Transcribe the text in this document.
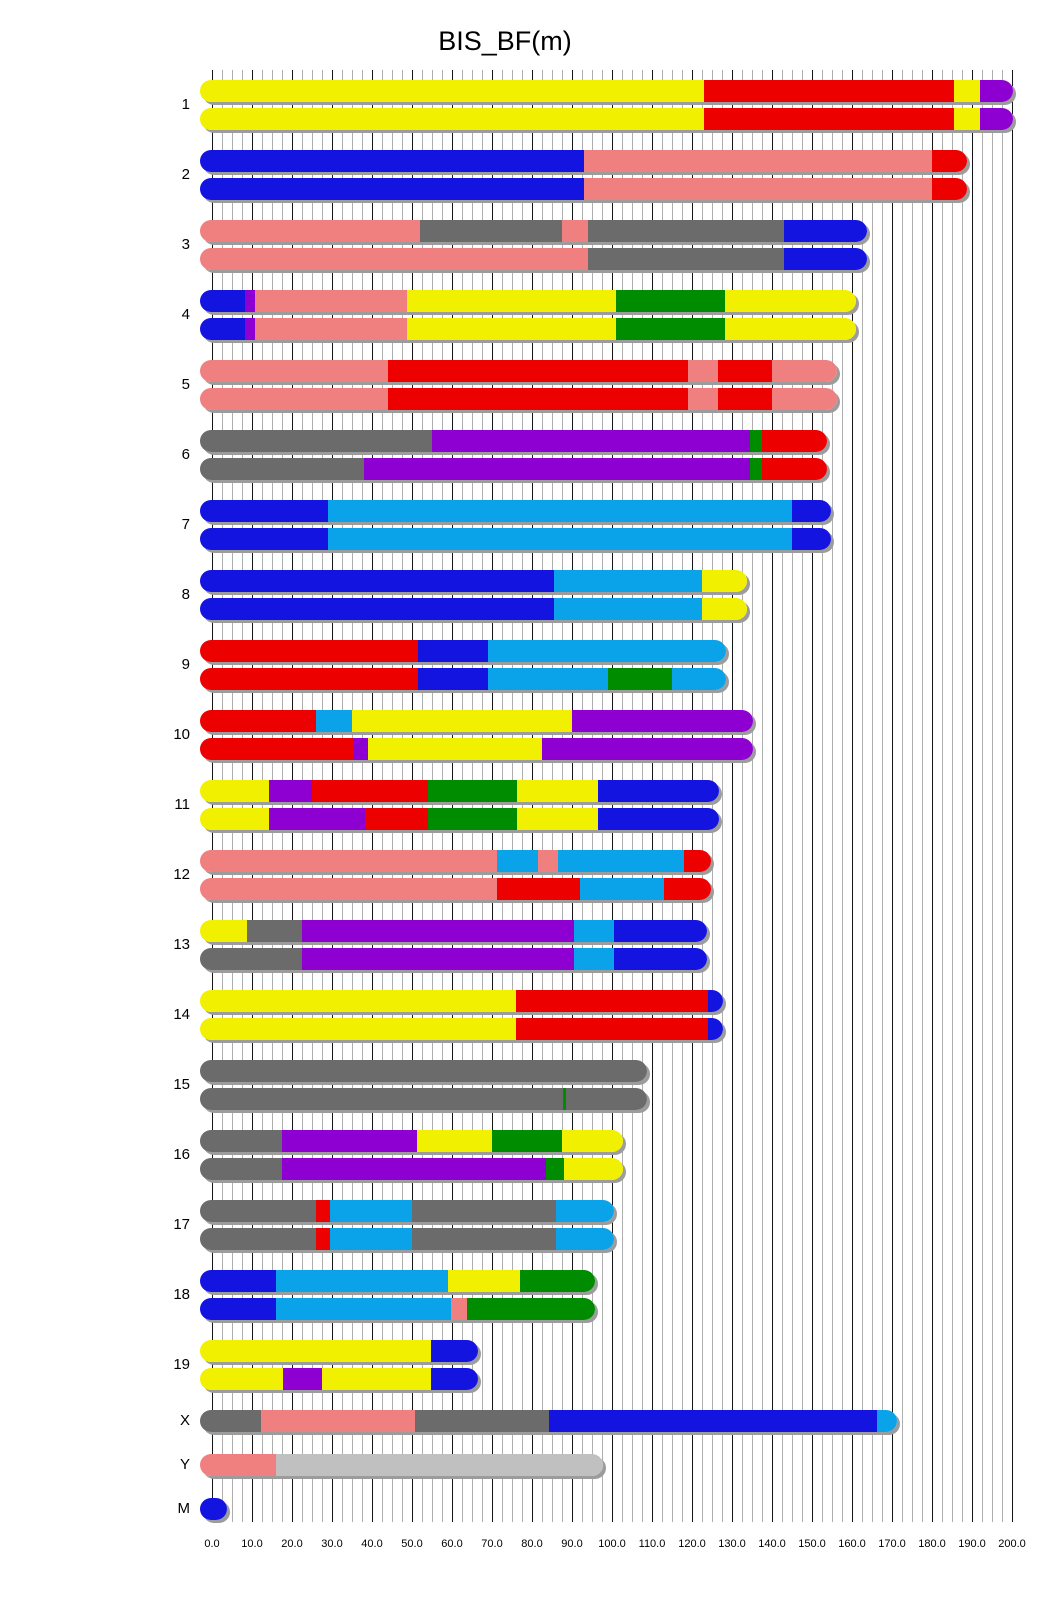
BIS_BF(m)
1
2
3
4
5
6
7
8
9
10
11
12
13
14
15
16
17
18
19
X
Y
M
0.0 10.0 20.0 30.0 40.0 50.0 60.0 70.0 80.0 90.0 100.0 110.0 120.0 130.0 140.0 150.0 160.0 170.0 180.0 190.0 200.0
